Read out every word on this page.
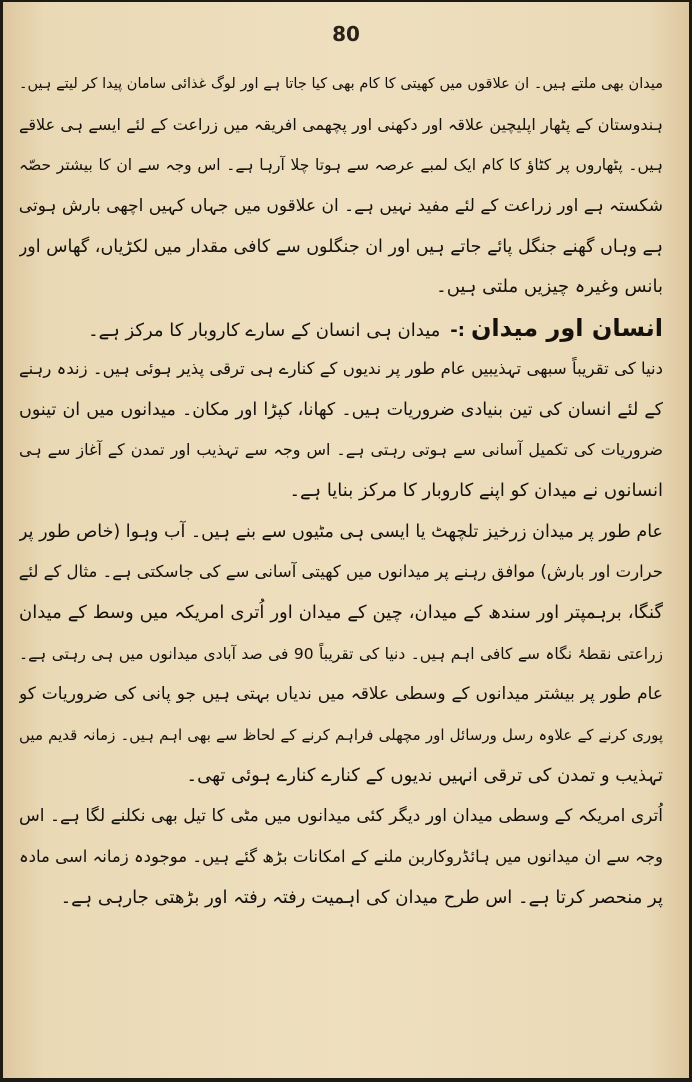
80
میدان بھی ملتے ہیں۔ ان علاقوں میں کھیتی کا کام بھی کیا جاتا ہے اور لوگ غذائی سامان پیدا کر لیتے ہیں۔
ہندوستان کے پٹھار اپلیچین علاقہ اور دکھنی اور پچھمی افریقہ میں زراعت کے لئے ایسے ہی علاقے
ہیں۔ پٹھاروں پر کٹاؤ کا کام ایک لمبے عرصہ سے ہوتا چلا آرہا ہے۔ اس وجہ سے ان کا بیشتر حصّہ
شکستہ ہے اور زراعت کے لئے مفید نہیں ہے۔ ان علاقوں میں جہاں کہیں اچھی بارش ہوتی
ہے وہاں گھنے جنگل پائے جاتے ہیں اور ان جنگلوں سے کافی مقدار میں لکڑیاں، گھاس اور
بانس وغیرہ چیزیں ملتی ہیں۔
انسان اور میدان:-میدان ہی انسان کے سارے کاروبار کا مرکز ہے۔
دنیا کی تقریباً سبھی تہذیبیں عام طور پر ندیوں کے کنارے ہی ترقی پذیر ہوئی ہیں۔ زندہ رہنے
کے لئے انسان کی تین بنیادی ضروریات ہیں۔ کھانا، کپڑا اور مکان۔ میدانوں میں ان تینوں
ضروریات کی تکمیل آسانی سے ہوتی رہتی ہے۔ اس وجہ سے تہذیب اور تمدن کے آغاز سے ہی
انسانوں نے میدان کو اپنے کاروبار کا مرکز بنایا ہے۔
عام طور پر میدان زرخیز تلچھٹ یا ایسی ہی مٹیوں سے بنے ہیں۔ آب وہوا (خاص طور پر
حرارت اور بارش) موافق رہنے پر میدانوں میں کھیتی آسانی سے کی جاسکتی ہے۔ مثال کے لئے
گنگا، برہمپتر اور سندھ کے میدان، چین کے میدان اور اُتری امریکہ میں وسط کے میدان
زراعتی نقطۂ نگاہ سے کافی اہم ہیں۔ دنیا کی تقریباً 90 فی صد آبادی میدانوں میں ہی رہتی ہے۔
عام طور پر بیشتر میدانوں کے وسطی علاقہ میں ندیاں بہتی ہیں جو پانی کی ضروریات کو
پوری کرنے کے علاوہ رسل ورسائل اور مچھلی فراہم کرنے کے لحاظ سے بھی اہم ہیں۔ زمانہ قدیم میں
تہذیب و تمدن کی ترقی انہیں ندیوں کے کنارے کنارے ہوئی تھی۔
اُتری امریکہ کے وسطی میدان اور دیگر کئی میدانوں میں مٹی کا تیل بھی نکلنے لگا ہے۔ اس
وجہ سے ان میدانوں میں ہائڈروکاربن ملنے کے امکانات بڑھ گئے ہیں۔ موجودہ زمانہ اسی مادہ
پر منحصر کرتا ہے۔ اس طرح میدان کی اہمیت رفتہ رفتہ اور بڑھتی جارہی ہے۔
